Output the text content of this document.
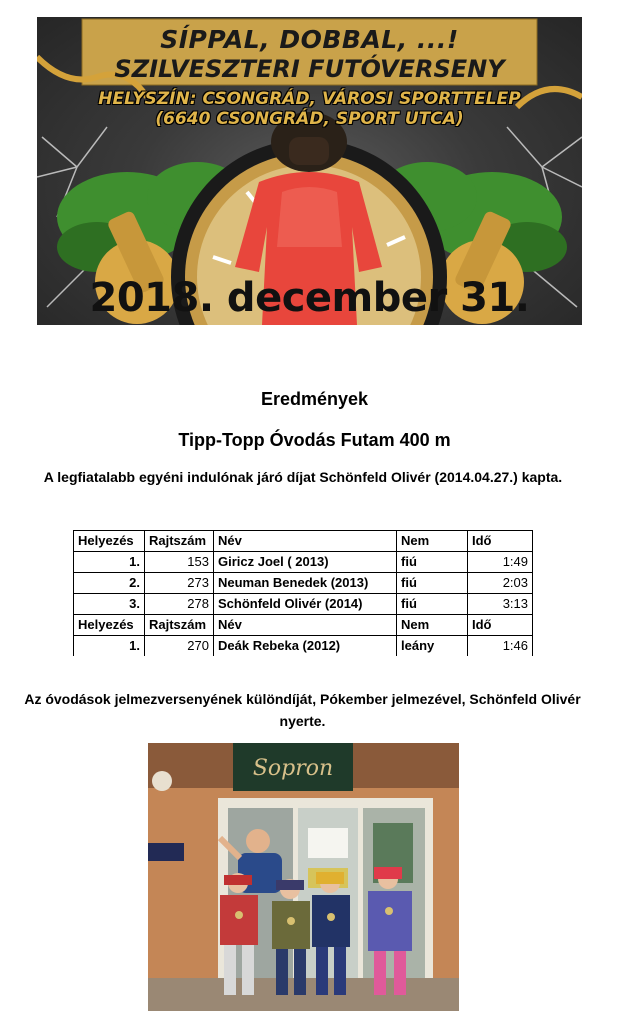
SÍPPAL, DOBBAL, ...!
SZILVESZTERI FUTÓVERSENY
HELYSZÍN: CSONGRÁD, VÁROSI SPORTTELEP
(6640 CSONGRÁD, SPORT UTCA)
2018. december 31.
Eredmények
Tipp-Topp Óvodás Futam 400 m
A legfiatalabb egyéni indulónak járó díjat Schönfeld Olivér (2014.04.27.) kapta.
Helyezés	Rajtszám	Név	Nem	Idő
1.	153	Giricz Joel ( 2013)	fiú	1:49
2.	273	Neuman Benedek (2013)	fiú	2:03
3.	278	Schönfeld Olivér (2014)	fiú	3:13
Helyezés	Rajtszám	Név	Nem	Idő
1.	270	Deák Rebeka (2012)	leány	1:46
Az óvodások jelmezversenyének különdíját, Pókember jelmezével, Schönfeld Olivér nyerte.
Sopron
